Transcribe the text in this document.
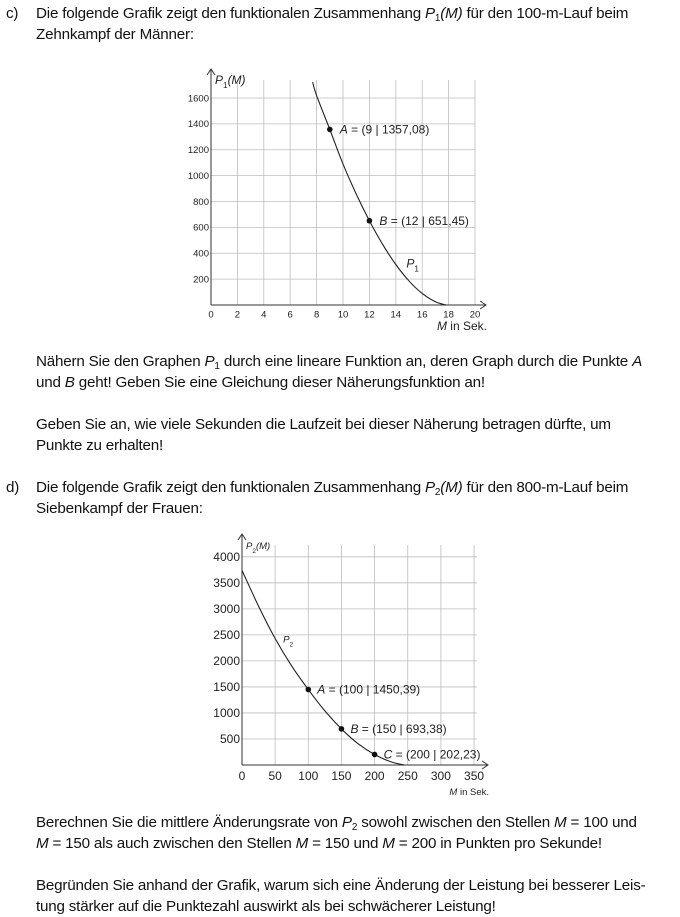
c) Die folgende Grafik zeigt den funktionalen Zusammenhang $P_1(M)$ für den 100-m-Lauf beim
Zehnkampf der Männer:
0 2 4 6 8 10 12 14 16 18 20
200
400
600
800
1000
1200
1400
1600
$P_1(M)$
M in Sek.
$P_1$
A = (9 | 1357,08)
B = (12 | 651,45)
Nähern Sie den Graphen $P_1$ durch eine lineare Funktion an, deren Graph durch die Punkte A
und B geht! Geben Sie eine Gleichung dieser Näherungsfunktion an!
Geben Sie an, wie viele Sekunden die Laufzeit bei dieser Näherung betragen dürfte, um
Punkte zu erhalten!
d) Die folgende Grafik zeigt den funktionalen Zusammenhang $P_2(M)$ für den 800-m-Lauf beim
Siebenkampf der Frauen:
0 50 100 150 200 250 300 350
500
1000
1500
2000
2500
3000
3500
4000
$P_2(M)$
M in Sek.
$P_2$
A = (100 | 1450,39)
B = (150 | 693,38)
C = (200 | 202,23)
Berechnen Sie die mittlere Änderungsrate von $P_2$ sowohl zwischen den Stellen M = 100 und
M = 150 als auch zwischen den Stellen M = 150 und M = 200 in Punkten pro Sekunde!
Begründen Sie anhand der Grafik, warum sich eine Änderung der Leistung bei besserer Leis-
tung stärker auf die Punktezahl auswirkt als bei schwächerer Leistung!
